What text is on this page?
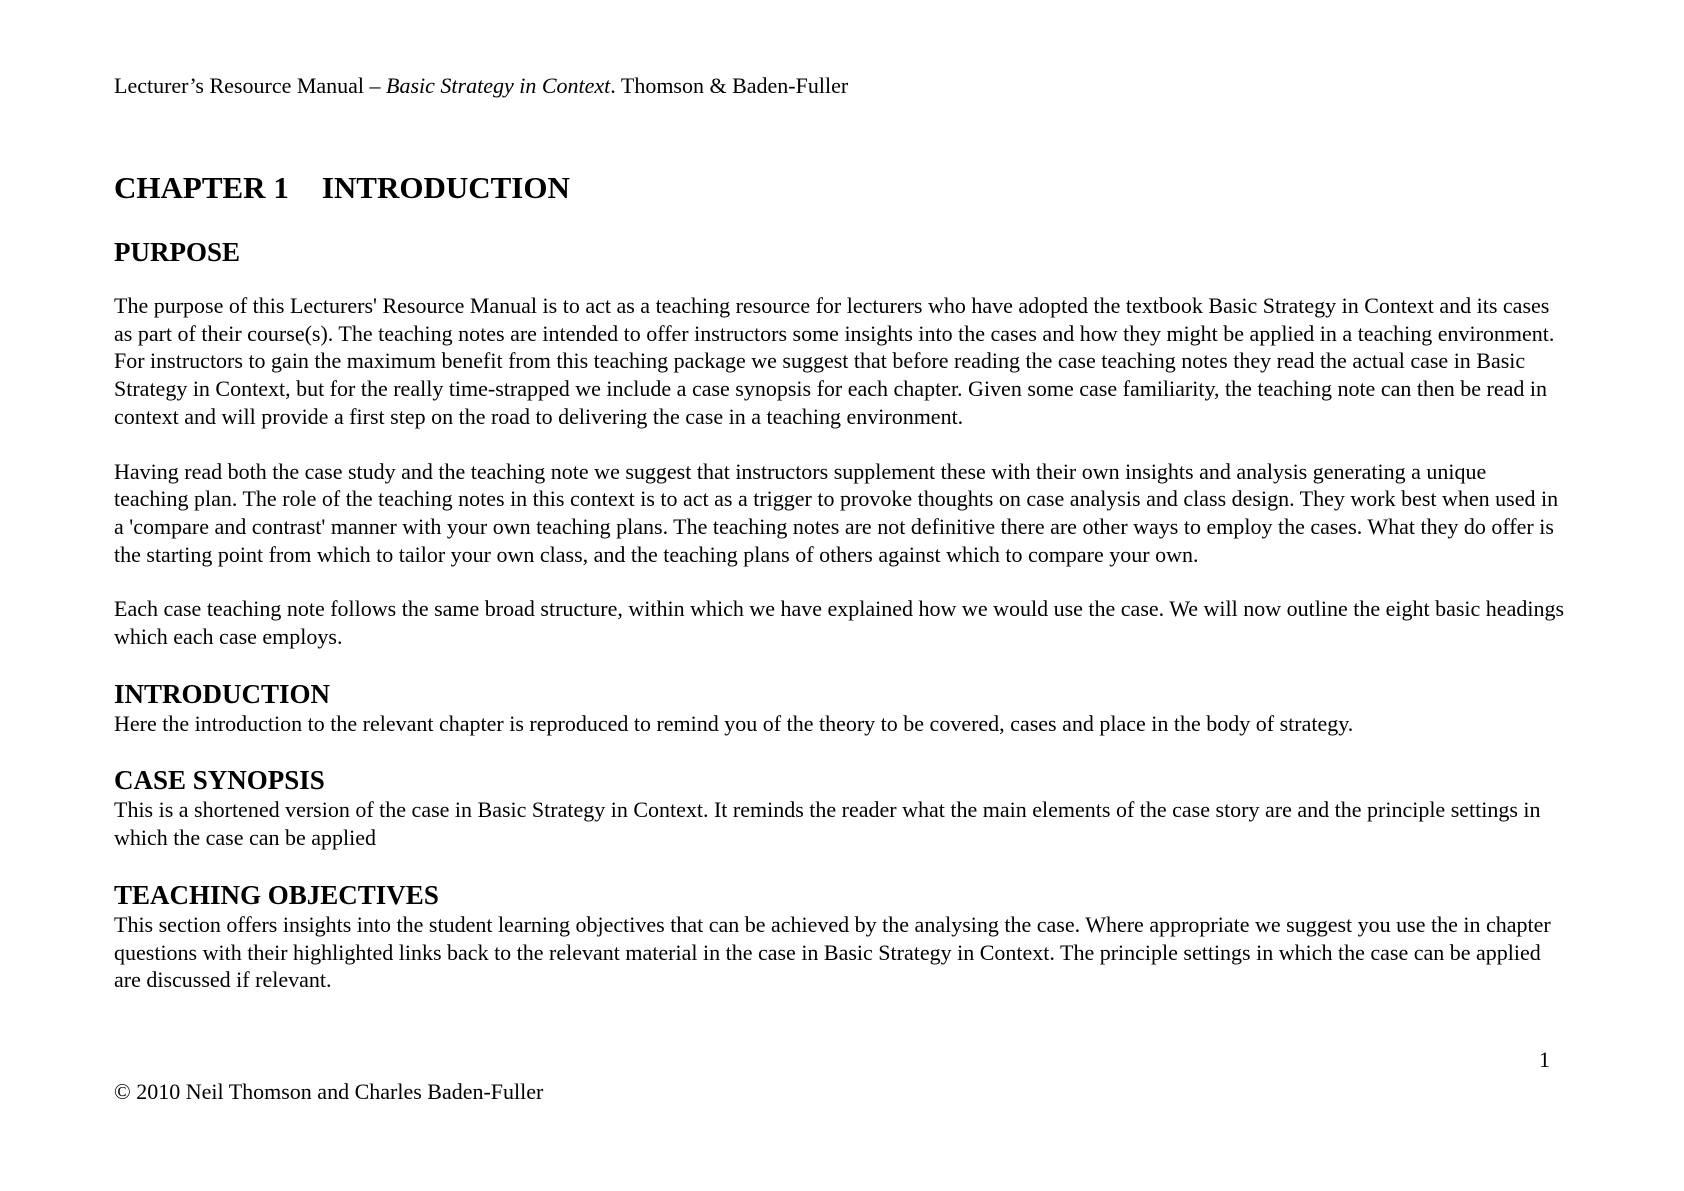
Lecturer’s Resource Manual – Basic Strategy in Context. Thomson & Baden-Fuller

CHAPTER 1 INTRODUCTION
PURPOSE

The purpose of this Lecturers' Resource Manual is to act as a teaching resource for lecturers who have adopted the textbook Basic Strategy in Context and its cases as part of their course(s). The teaching notes are intended to offer instructors some insights into the cases and how they might be applied in a teaching environment. For instructors to gain the maximum benefit from this teaching package we suggest that before reading the case teaching notes they read the actual case in Basic Strategy in Context, but for the really time-strapped we include a case synopsis for each chapter. Given some case familiarity, the teaching note can then be read in context and will provide a first step on the road to delivering the case in a teaching environment.

Having read both the case study and the teaching note we suggest that instructors supplement these with their own insights and analysis generating a unique teaching plan. The role of the teaching notes in this context is to act as a trigger to provoke thoughts on case analysis and class design. They work best when used in a 'compare and contrast' manner with your own teaching plans. The teaching notes are not definitive there are other ways to employ the cases. What they do offer is the starting point from which to tailor your own class, and the teaching plans of others against which to compare your own.

Each case teaching note follows the same broad structure, within which we have explained how we would use the case. We will now outline the eight basic headings which each case employs.

INTRODUCTION

Here the introduction to the relevant chapter is reproduced to remind you of the theory to be covered, cases and place in the body of strategy.

CASE SYNOPSIS

This is a shortened version of the case in Basic Strategy in Context. It reminds the reader what the main elements of the case story are and the principle settings in which the case can be applied

TEACHING OBJECTIVES

This section offers insights into the student learning objectives that can be achieved by the analysing the case. Where appropriate we suggest you use the in chapter questions with their highlighted links back to the relevant material in the case in Basic Strategy in Context. The principle settings in which the case can be applied are discussed if relevant.

1

© 2010 Neil Thomson and Charles Baden-Fuller
